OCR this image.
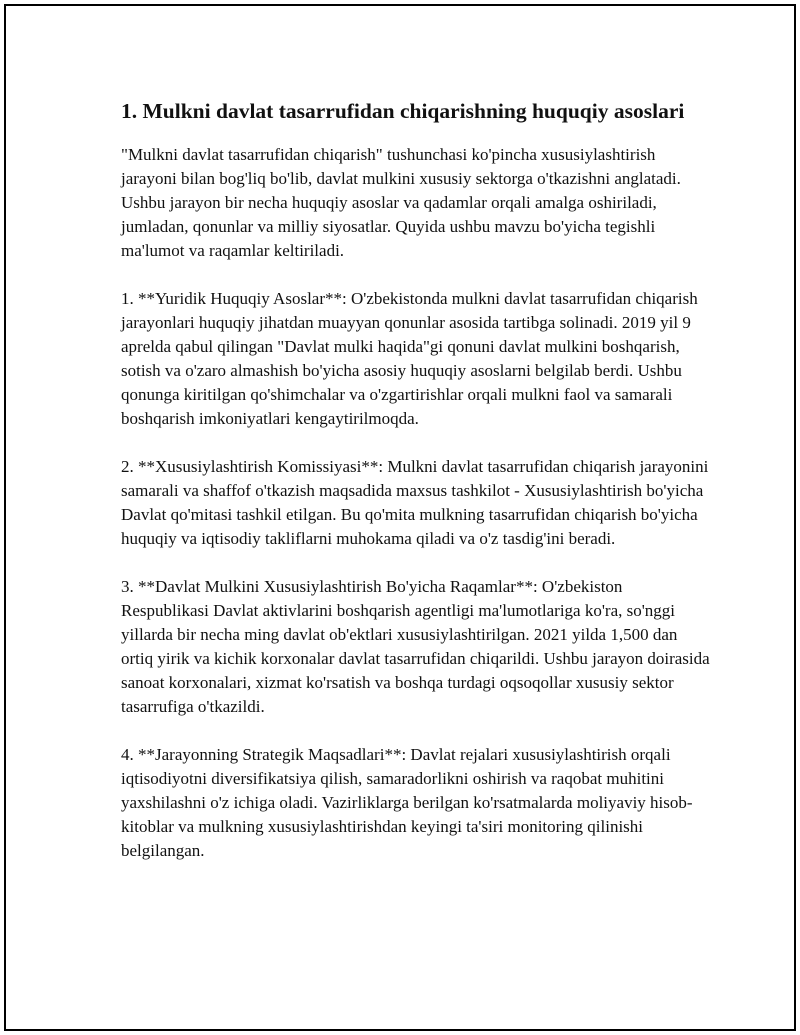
1. Mulkni davlat tasarrufidan chiqarishning huquqiy asoslari

"Mulkni davlat tasarrufidan chiqarish" tushunchasi ko'pincha xususiylashtirish jarayoni bilan bog'liq bo'lib, davlat mulkini xususiy sektorga o'tkazishni anglatadi. Ushbu jarayon bir necha huquqiy asoslar va qadamlar orqali amalga oshiriladi, jumladan, qonunlar va milliy siyosatlar. Quyida ushbu mavzu bo'yicha tegishli ma'lumot va raqamlar keltiriladi.

1. **Yuridik Huquqiy Asoslar**: O'zbekistonda mulkni davlat tasarrufidan chiqarish jarayonlari huquqiy jihatdan muayyan qonunlar asosida tartibga solinadi. 2019 yil 9 aprelda qabul qilingan "Davlat mulki haqida"gi qonuni davlat mulkini boshqarish, sotish va o'zaro almashish bo'yicha asosiy huquqiy asoslarni belgilab berdi. Ushbu qonunga kiritilgan qo'shimchalar va o'zgartirishlar orqali mulkni faol va samarali boshqarish imkoniyatlari kengaytirilmoqda.

2. **Xususiylashtirish Komissiyasi**: Mulkni davlat tasarrufidan chiqarish jarayonini samarali va shaffof o'tkazish maqsadida maxsus tashkilot - Xususiylashtirish bo'yicha Davlat qo'mitasi tashkil etilgan. Bu qo'mita mulkning tasarrufidan chiqarish bo'yicha huquqiy va iqtisodiy takliflarni muhokama qiladi va o'z tasdig'ini beradi.

3. **Davlat Mulkini Xususiylashtirish Bo'yicha Raqamlar**: O'zbekiston Respublikasi Davlat aktivlarini boshqarish agentligi ma'lumotlariga ko'ra, so'nggi yillarda bir necha ming davlat ob'ektlari xususiylashtirilgan. 2021 yilda 1,500 dan ortiq yirik va kichik korxonalar davlat tasarrufidan chiqarildi. Ushbu jarayon doirasida sanoat korxonalari, xizmat ko'rsatish va boshqa turdagi oqsoqollar xususiy sektor tasarrufiga o'tkazildi.

4. **Jarayonning Strategik Maqsadlari**: Davlat rejalari xususiylashtirish orqali iqtisodiyotni diversifikatsiya qilish, samaradorlikni oshirish va raqobat muhitini yaxshilashni o'z ichiga oladi. Vazirliklarga berilgan ko'rsatmalarda moliyaviy hisob-kitoblar va mulkning xususiylashtirishdan keyingi ta'siri monitoring qilinishi belgilangan.
